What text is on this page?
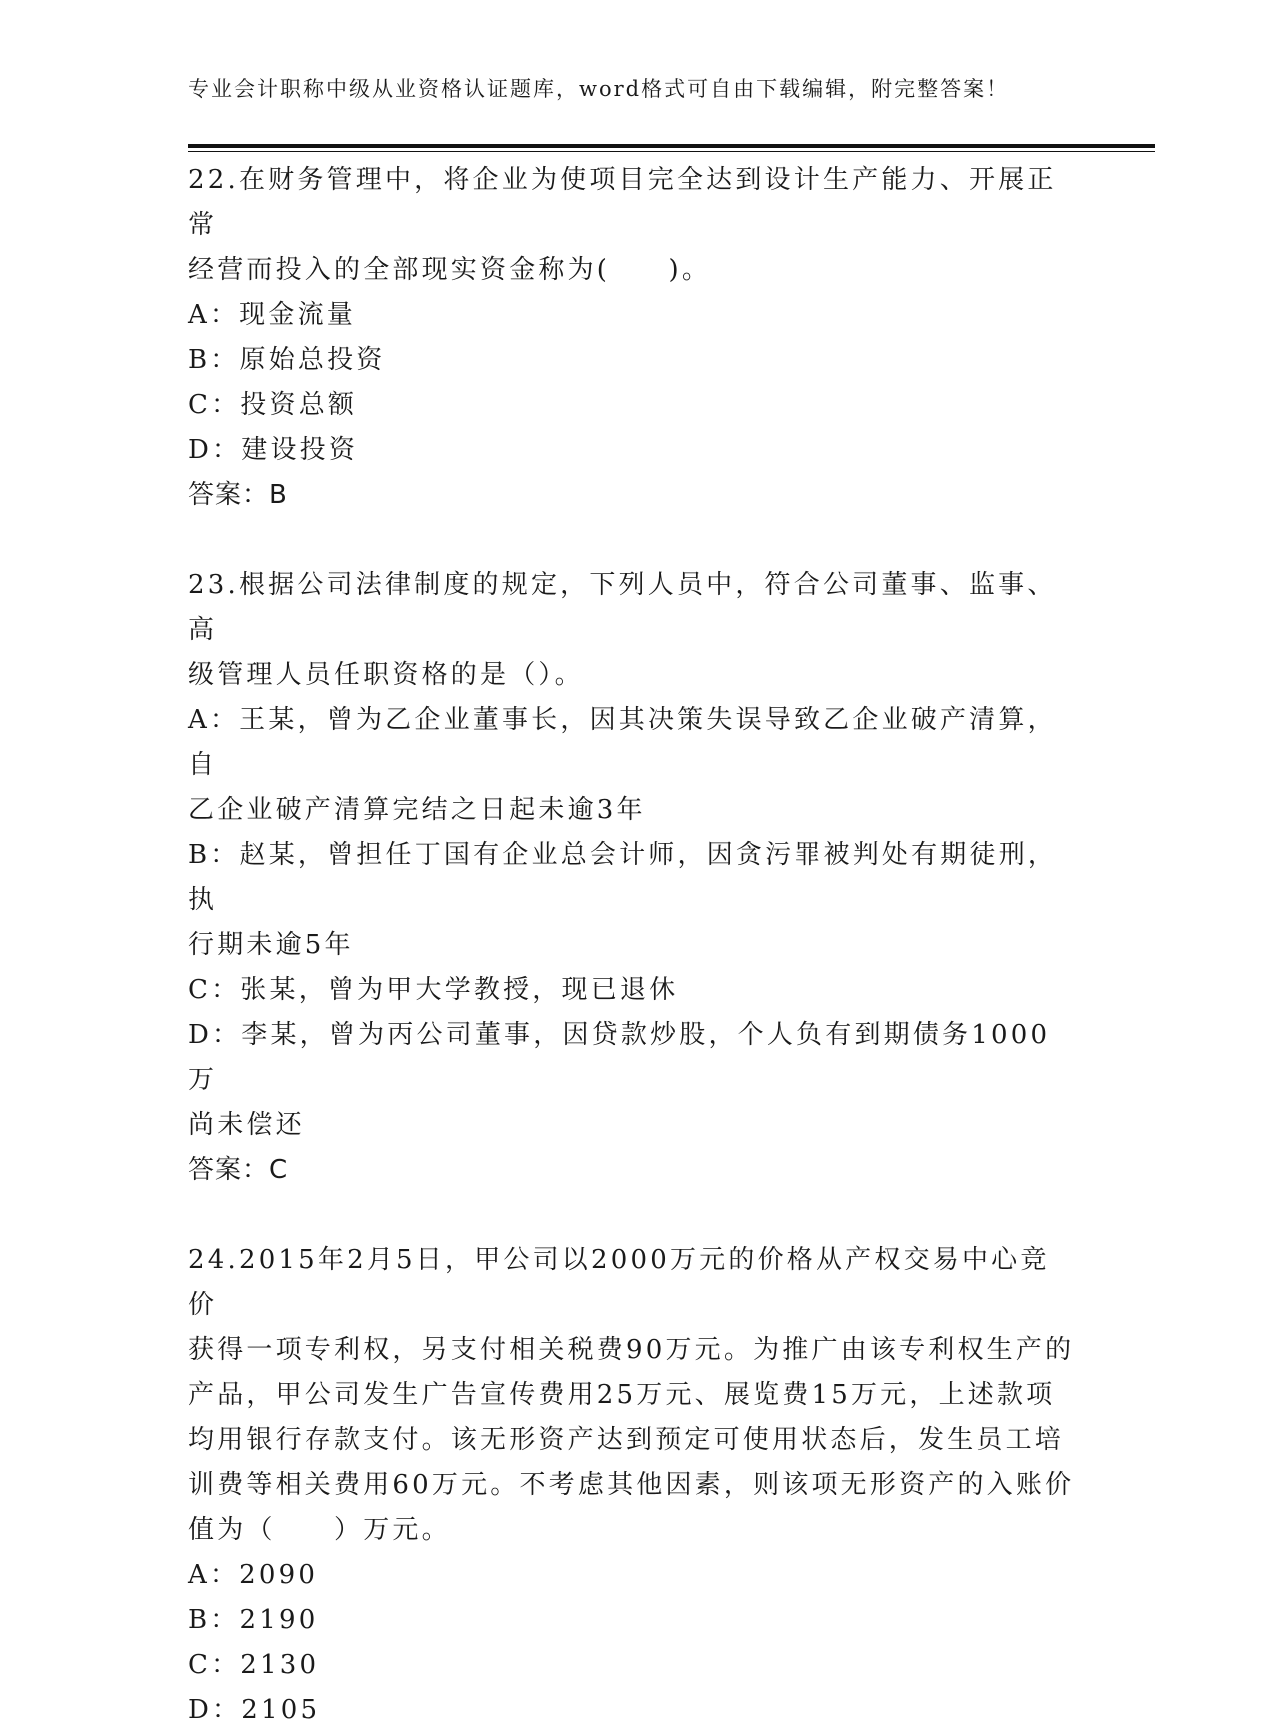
专业会计职称中级从业资格认证题库，word格式可自由下载编辑，附完整答案！

22.在财务管理中，将企业为使项目完全达到设计生产能力、开展正常

经营而投入的全部现实资金称为(　　)。

A：现金流量

B：原始总投资

C：投资总额

D：建设投资

答案：B

23.根据公司法律制度的规定，下列人员中，符合公司董事、监事、高

级管理人员任职资格的是（）。

A：王某，曾为乙企业董事长，因其决策失误导致乙企业破产清算，自

乙企业破产清算完结之日起未逾3年

B：赵某，曾担任丁国有企业总会计师，因贪污罪被判处有期徒刑，执

行期未逾5年

C：张某，曾为甲大学教授，现已退休

D：李某，曾为丙公司董事，因贷款炒股，个人负有到期债务1000万

尚未偿还

答案：C

24.2015年2月5日，甲公司以2000万元的价格从产权交易中心竞价

获得一项专利权，另支付相关税费90万元。为推广由该专利权生产的

产品，甲公司发生广告宣传费用25万元、展览费15万元，上述款项

均用银行存款支付。该无形资产达到预定可使用状态后，发生员工培

训费等相关费用60万元。不考虑其他因素，则该项无形资产的入账价

值为（　　）万元。

A：2090

B：2190

C：2130

D：2105
